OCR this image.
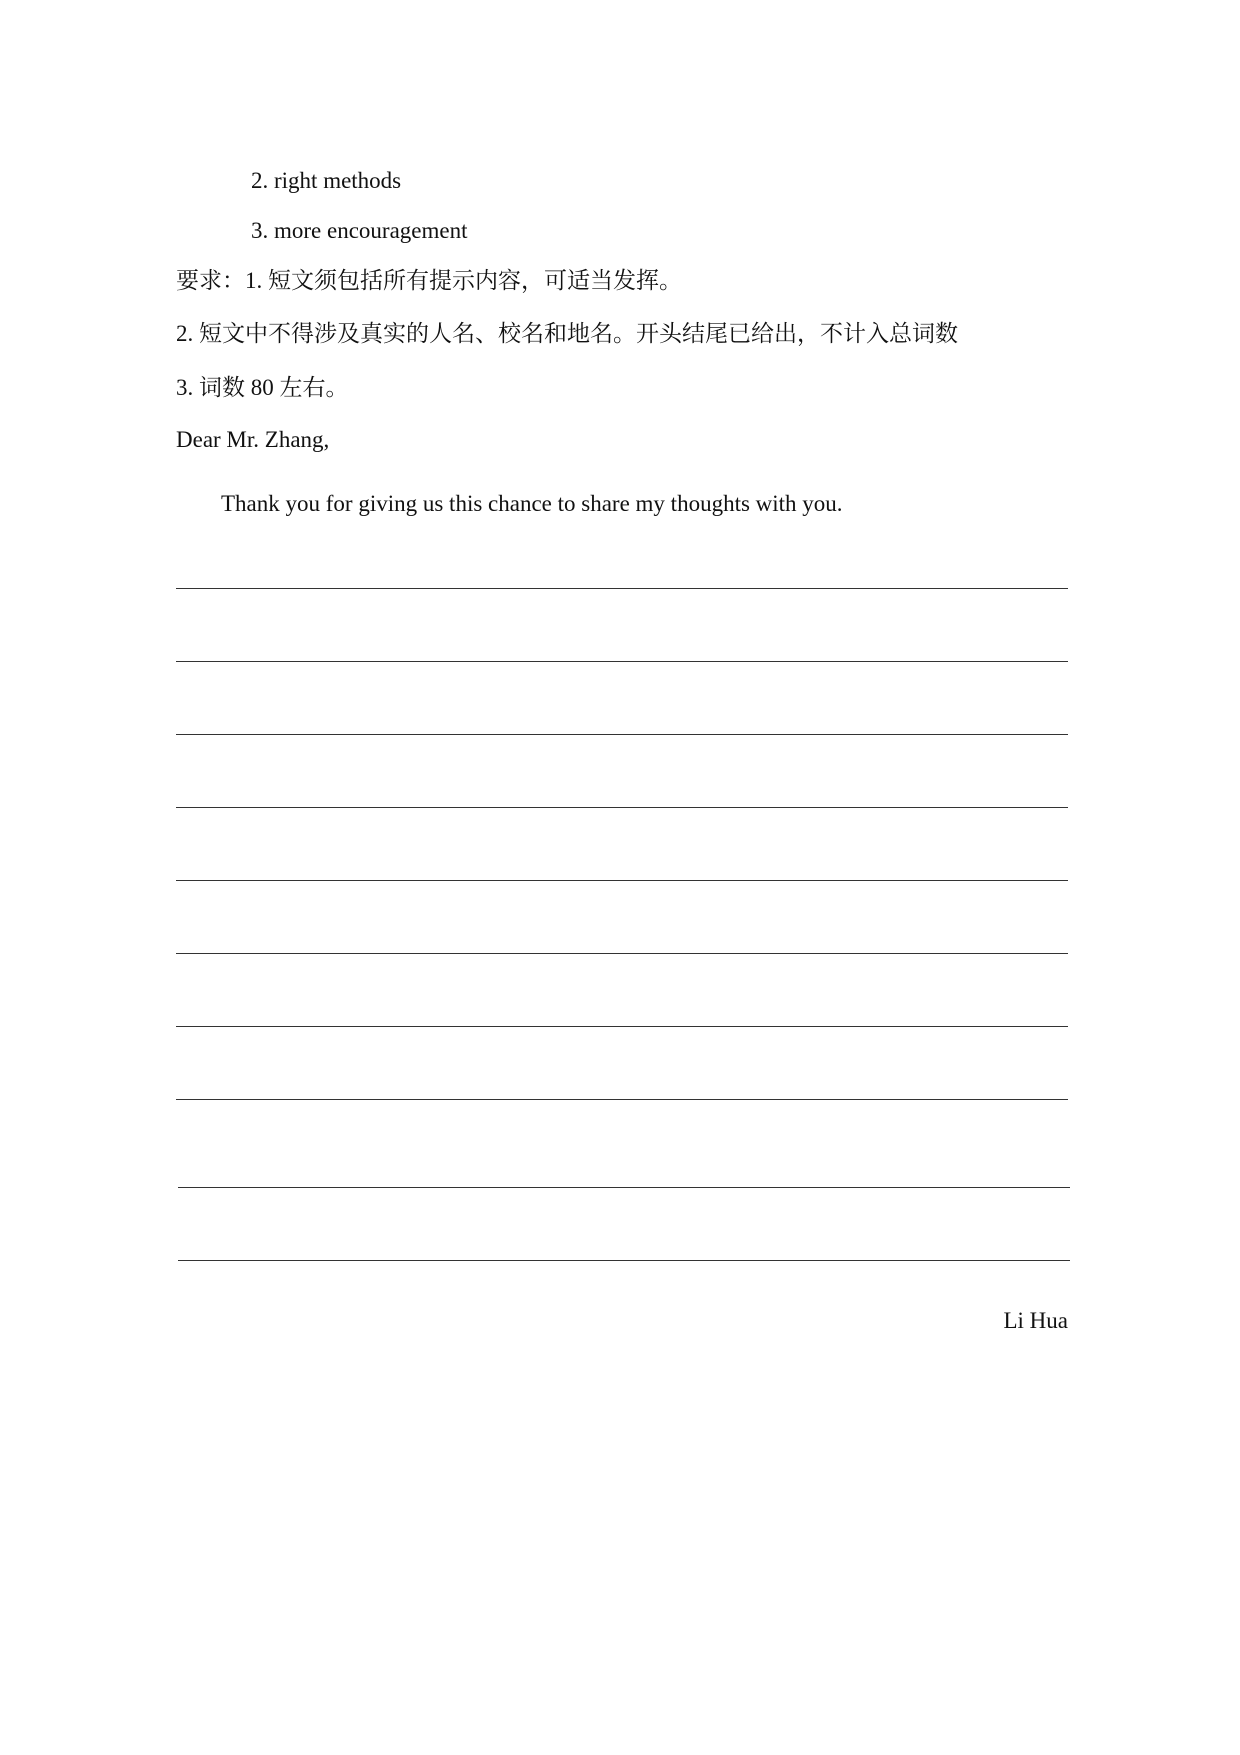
2. right methods
3. more encouragement
要求：1. 短文须包括所有提示内容，可适当发挥。
2. 短文中不得涉及真实的人名、校名和地名。开头结尾已给出，不计入总词数
3. 词数 80 左右。
Dear Mr. Zhang,
Thank you for giving us this chance to share my thoughts with you.
Li Hua
